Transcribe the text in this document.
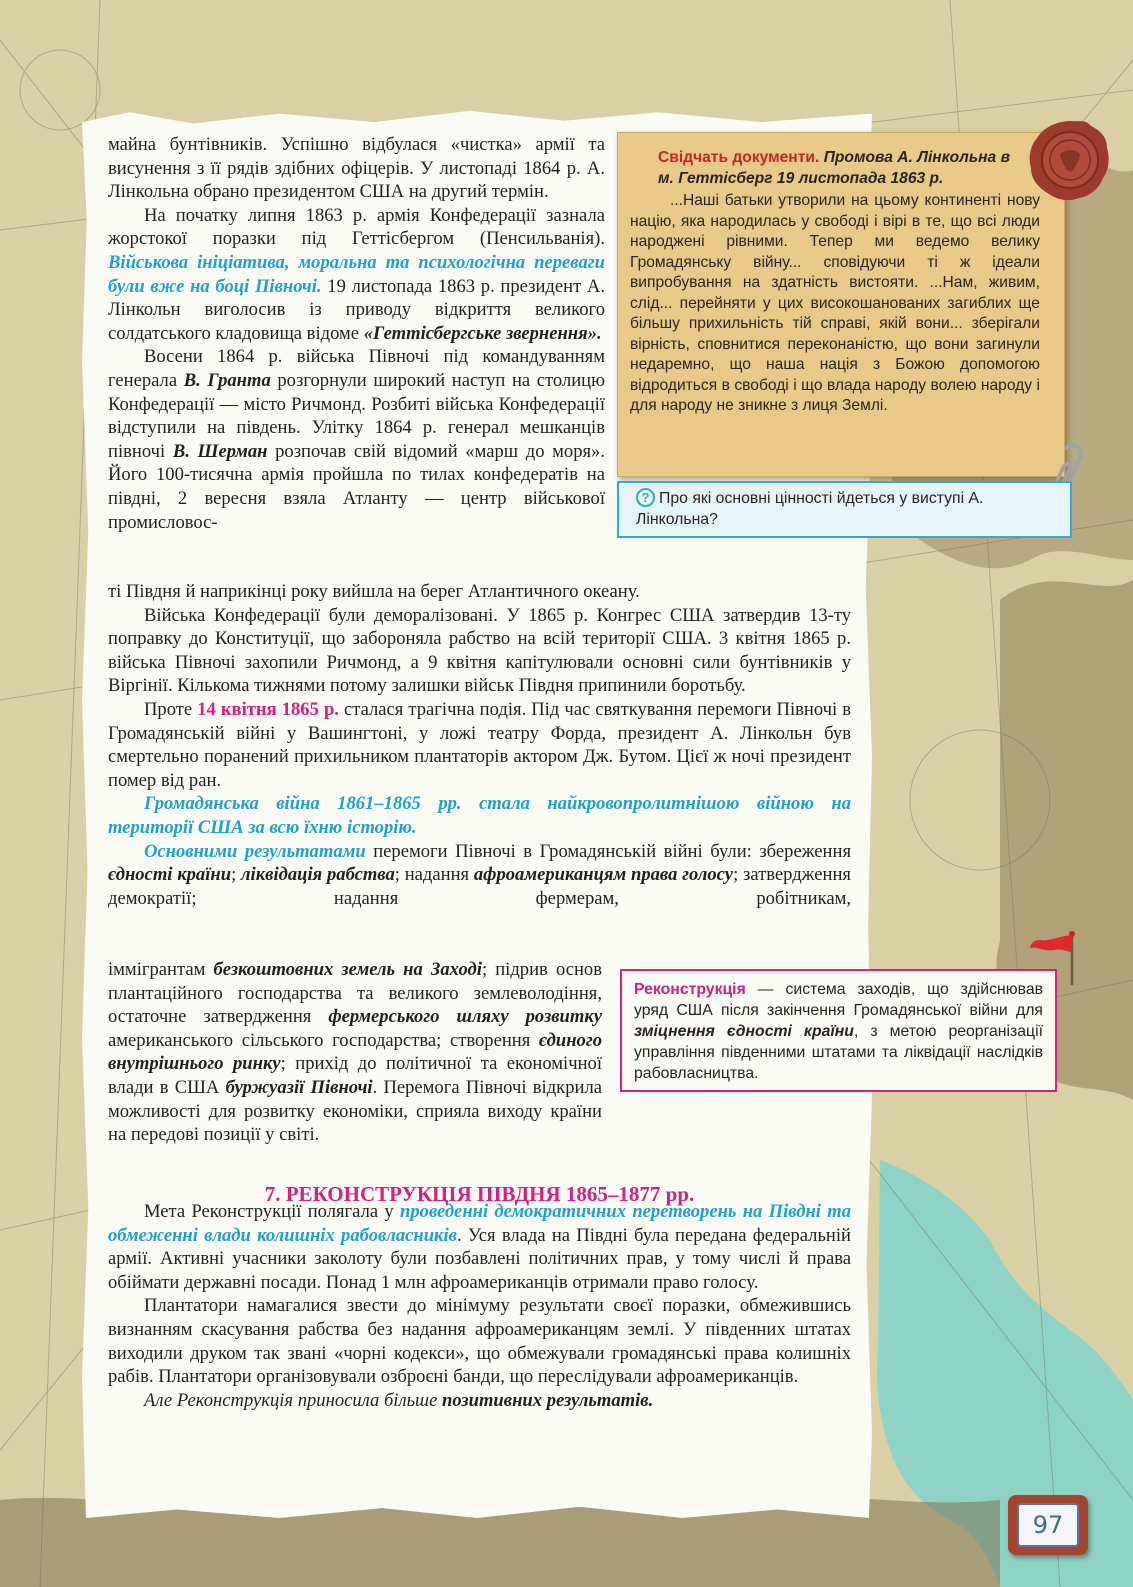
майна бунтівників. Успішно відбулася «чистка» армії та висунення з її рядів здібних офіцерів. У листопаді 1864 р. А. Лінкольна обрано президентом США на другий термін.

На початку липня 1863 р. армія Конфедерації зазнала жорстокої поразки під Геттісбергом (Пенсильванія). Військова ініціатива, моральна та психологічна переваги були вже на боці Півночі. 19 листопада 1863 р. президент А. Лінкольн виголосив із приводу відкриття великого солдатського кладовища відоме «Геттісбергське звернення».

Восени 1864 р. війська Півночі під командуванням генерала В. Гранта розгорнули широкий наступ на столицю Конфедерації — місто Ричмонд. Розбиті війська Конфедерації відступили на південь. Улітку 1864 р. генерал мешканців півночі В. Шерман розпочав свій відомий «марш до моря». Його 100-тисячна армія пройшла по тилах конфедератів на півдні, 2 вересня взяла Атланту — центр військової промисловос-

ті Півдня й наприкінці року вийшла на берег Атлантичного океану.

Війська Конфедерації були деморалізовані. У 1865 р. Конгрес США затвердив 13-ту поправку до Конституції, що забороняла рабство на всій території США. 3 квітня 1865 р. війська Півночі захопили Ричмонд, а 9 квітня капітулювали основні сили бунтівників у Віргінії. Кількома тижнями потому залишки військ Півдня припинили боротьбу.

Проте 14 квітня 1865 р. сталася трагічна подія. Під час святкування перемоги Півночі в Громадянській війні у Вашингтоні, у ложі театру Форда, президент А. Лінкольн був смертельно поранений прихильником плантаторів актором Дж. Бутом. Цієї ж ночі президент помер від ран.

Громадянська війна 1861–1865 рр. стала найкровопролитнішою війною на території США за всю їхню історію.

Основними результатами перемоги Півночі в Громадянській війні були: збереження єдності країни; ліквідація рабства; надання афроамериканцям права голосу; затвердження демократії; надання фермерам, робітникам,

іммігрантам безкоштовних земель на Заході; підрив основ плантаційного господарства та великого землеволодіння, остаточне затвердження фермерського шляху розвитку американського сільського господарства; створення єдиного внутрішнього ринку; прихід до політичної та економічної влади в США буржуазії Півночі. Перемога Півночі відкрила можливості для розвитку економіки, сприяла виходу країни на передові позиції у світі.

7. РЕКОНСТРУКЦІЯ ПІВДНЯ 1865–1877 рр.

Мета Реконструкції полягала у проведенні демократичних перетворень на Півдні та обмеженні влади колишніх рабовласників. Уся влада на Півдні була передана федеральній армії. Активні учасники заколоту були позбавлені політичних прав, у тому числі й права обіймати державні посади. Понад 1 млн афроамериканців отримали право голосу.

Плантатори намагалися звести до мінімуму результати своєї поразки, обмежившись визнанням скасування рабства без надання афроамериканцям землі. У південних штатах виходили друком так звані «чорні кодекси», що обмежували громадянські права колишніх рабів. Плантатори організовували озброєні банди, що переслідували афроамериканців.

Але Реконструкція приносила більше позитивних результатів.

Свідчать документи. Промова А. Лінкольна в м. Геттісберг 19 листопада 1863 р.
...Наші батьки утворили на цьому континенті нову націю, яка народилась у свободі і вірі в те, що всі люди народжені рівними. Тепер ми ведемо велику Громадянську війну... сповідуючи ті ж ідеали випробування на здатність вистояти. ...Нам, живим, слід... перейняти у цих високошанованих загиблих ще більшу прихильність тій справі, якій вони... зберігали вірність, сповнитися переконаністю, що вони загинули недаремно, що наша нація з Божою допомогою відродиться в свободі і що влада народу волею народу і для народу не зникне з лиця Землі.
? Про які основні цінності йдеться у виступі А. Лінкольна?
Реконструкція — система заходів, що здійснював уряд США після закінчення Громадянської війни для зміцнення єдності країни, з метою реорганізації управління південними штатами та ліквідації наслідків рабовласництва.
97
